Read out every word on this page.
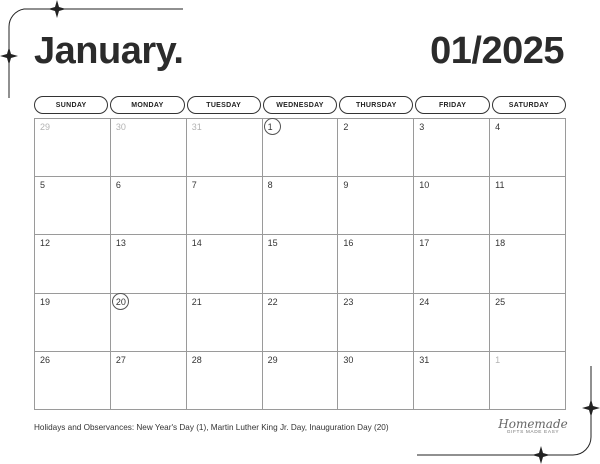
January.	01/2025
SUNDAY	MONDAY	TUESDAY	WEDNESDAY	THURSDAY	FRIDAY	SATURDAY
29	30	31	1	2	3	4
5	6	7	8	9	10	11
12	13	14	15	16	17	18
19	20	21	22	23	24	25
26	27	28	29	30	31	1
Holidays and Observances: New Year's Day (1), Martin Luther King Jr. Day, Inauguration Day (20)	Homemade
GIFTS MADE EASY
